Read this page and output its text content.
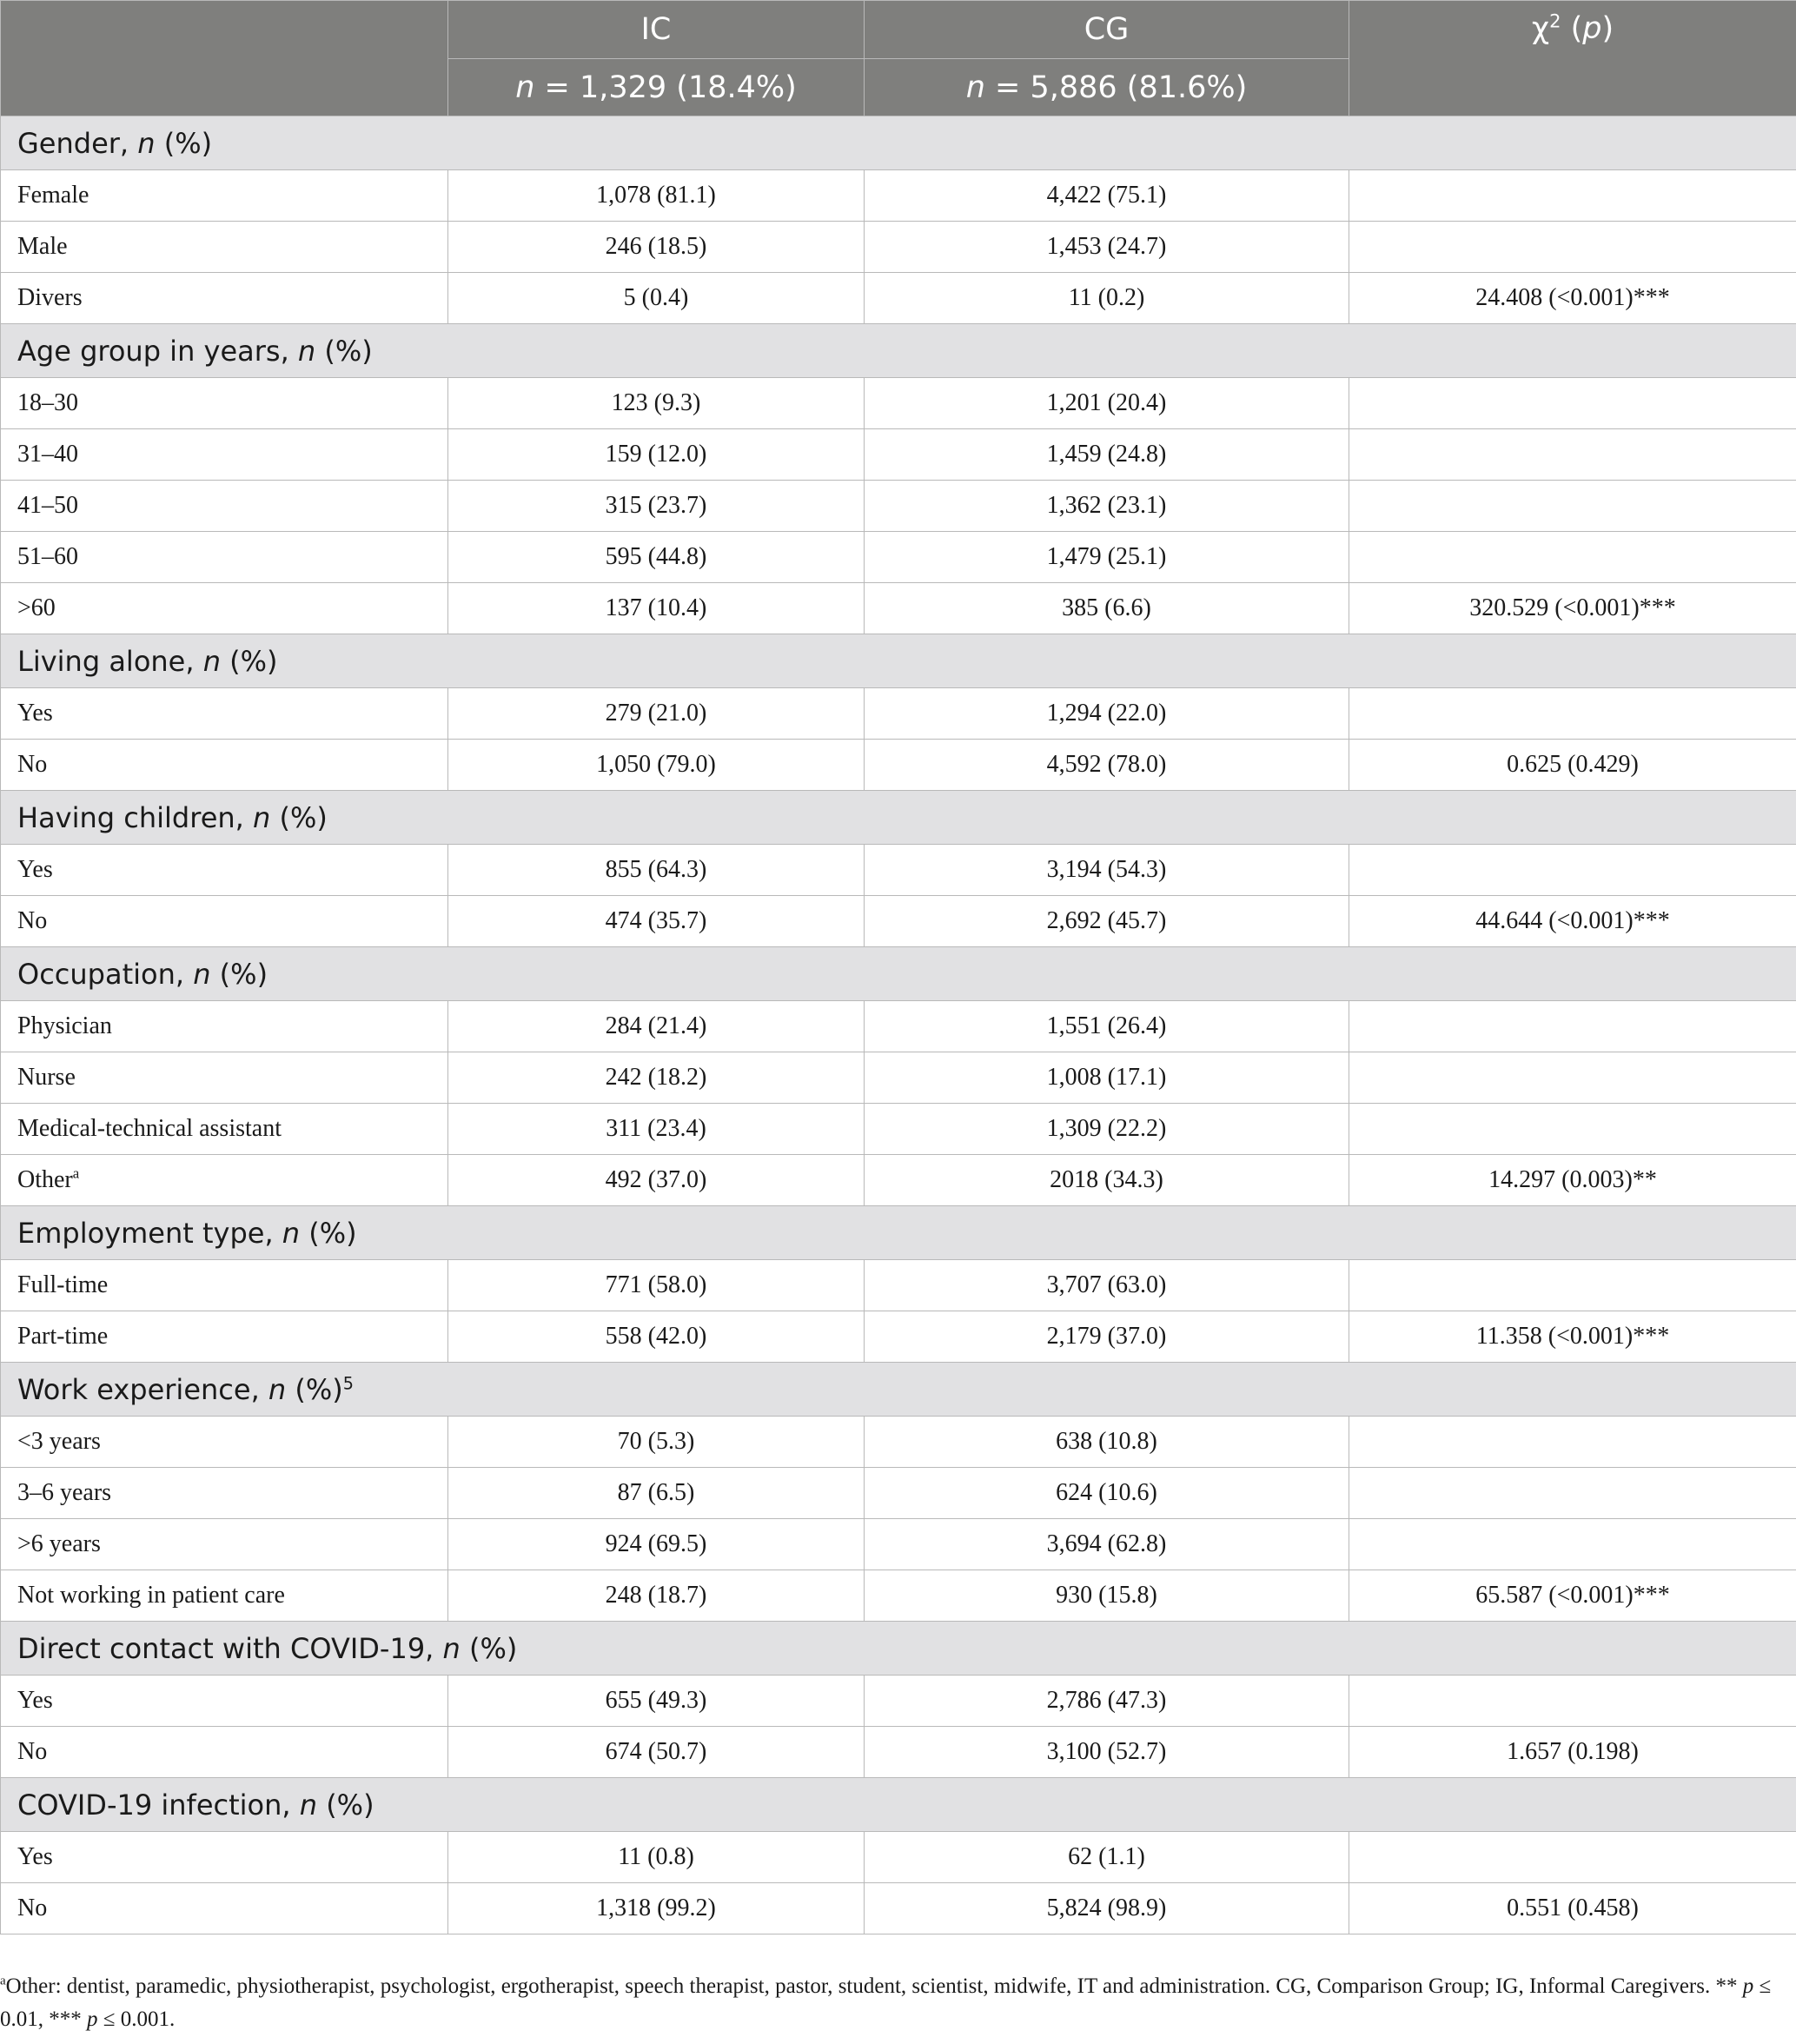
	IC	CG	$\chi^2$ (p)
	n = 1,329 (18.4%)	n = 5,886 (81.6%)	
Gender, n (%)			
Female	1,078 (81.1)	4,422 (75.1)	
Male	246 (18.5)	1,453 (24.7)	
Divers	5 (0.4)	11 (0.2)	24.408 (<0.001)***
Age group in years, n (%)			
18–30	123 (9.3)	1,201 (20.4)	
31–40	159 (12.0)	1,459 (24.8)	
41–50	315 (23.7)	1,362 (23.1)	
51–60	595 (44.8)	1,479 (25.1)	
>60	137 (10.4)	385 (6.6)	320.529 (<0.001)***
Living alone, n (%)			
Yes	279 (21.0)	1,294 (22.0)	
No	1,050 (79.0)	4,592 (78.0)	0.625 (0.429)
Having children, n (%)			
Yes	855 (64.3)	3,194 (54.3)	
No	474 (35.7)	2,692 (45.7)	44.644 (<0.001)***
Occupation, n (%)			
Physician	284 (21.4)	1,551 (26.4)	
Nurse	242 (18.2)	1,008 (17.1)	
Medical-technical assistant	311 (23.4)	1,309 (22.2)	
Other$^a$	492 (37.0)	2018 (34.3)	14.297 (0.003)**
Employment type, n (%)			
Full-time	771 (58.0)	3,707 (63.0)	
Part-time	558 (42.0)	2,179 (37.0)	11.358 (<0.001)***
Work experience, n (%)$^5$
<3 years	70 (5.3)	638 (10.8)	
3–6 years	87 (6.5)	624 (10.6)	
>6 years	924 (69.5)	3,694 (62.8)	
Not working in patient care	248 (18.7)	930 (15.8)	65.587 (<0.001)***
Direct contact with COVID-19, n (%)			
Yes	655 (49.3)	2,786 (47.3)	
No	674 (50.7)	3,100 (52.7)	1.657 (0.198)
COVID-19 infection, n (%)			
Yes	11 (0.8)	62 (1.1)	
No	1,318 (99.2)	5,824 (98.9)	0.551 (0.458)
$^a$Other: dentist, paramedic, physiotherapist, psychologist, ergotherapist, speech therapist, pastor, student, scientist, midwife, IT and administration. CG, Comparison Group; IG, Informal Caregivers. ** p ≤ 0.01, *** p ≤ 0.001.
